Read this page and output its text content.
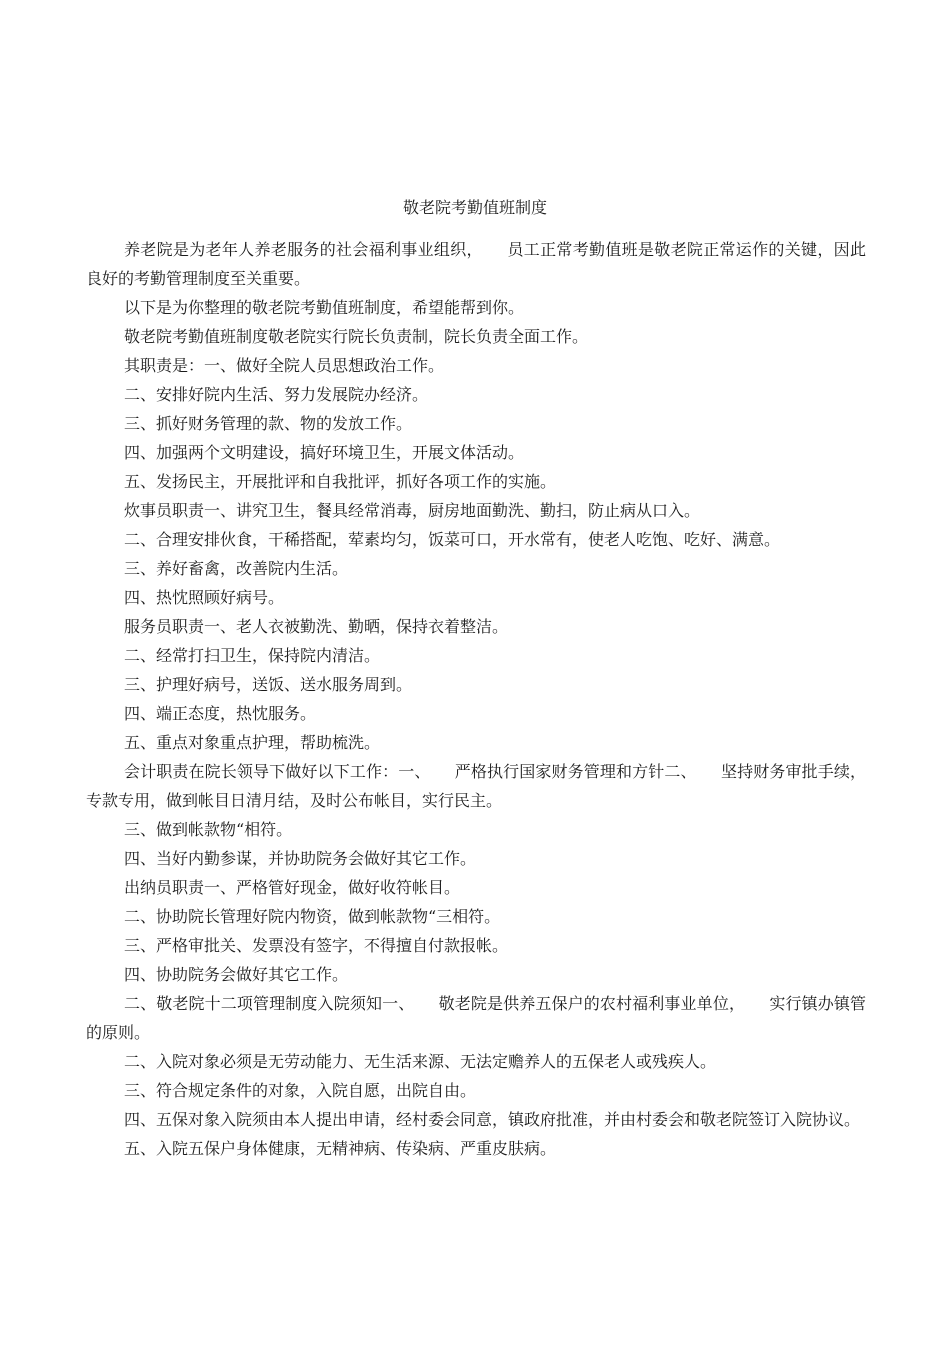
敬老院考勤值班制度

养老院是为老年人养老服务的社会福利事业组织，　　员工正常考勤值班是敬老院正常运作的关键，因此良好的考勤管理制度至关重要。

以下是为你整理的敬老院考勤值班制度，希望能帮到你。

敬老院考勤值班制度敬老院实行院长负责制，院长负责全面工作。

其职责是：一、做好全院人员思想政治工作。

二、安排好院内生活、努力发展院办经济。

三、抓好财务管理的款、物的发放工作。

四、加强两个文明建设，搞好环境卫生，开展文体活动。

五、发扬民主，开展批评和自我批评，抓好各项工作的实施。

炊事员职责一、讲究卫生，餐具经常消毒，厨房地面勤洗、勤扫，防止病从口入。

二、合理安排伙食，干稀搭配，荤素均匀，饭菜可口，开水常有，使老人吃饱、吃好、满意。

三、养好畜禽，改善院内生活。

四、热忱照顾好病号。

服务员职责一、老人衣被勤洗、勤晒，保持衣着整洁。

二、经常打扫卫生，保持院内清洁。

三、护理好病号，送饭、送水服务周到。

四、端正态度，热忱服务。

五、重点对象重点护理，帮助梳洗。

会计职责在院长领导下做好以下工作：一、　　严格执行国家财务管理和方针二、　　坚持财务审批手续，专款专用，做到帐目日清月结，及时公布帐目，实行民主。

三、做到帐款物“相符。

四、当好内勤参谋，并协助院务会做好其它工作。

出纳员职责一、严格管好现金，做好收符帐目。

二、协助院长管理好院内物资，做到帐款物“三相符。

三、严格审批关、发票没有签字，不得擅自付款报帐。

四、协助院务会做好其它工作。

二、敬老院十二项管理制度入院须知一、　　敬老院是供养五保户的农村福利事业单位，　　实行镇办镇管的原则。

二、入院对象必须是无劳动能力、无生活来源、无法定赡养人的五保老人或残疾人。

三、符合规定条件的对象，入院自愿，出院自由。

四、五保对象入院须由本人提出申请，经村委会同意，镇政府批准，并由村委会和敬老院签订入院协议。

五、入院五保户身体健康，无精神病、传染病、严重皮肤病。
